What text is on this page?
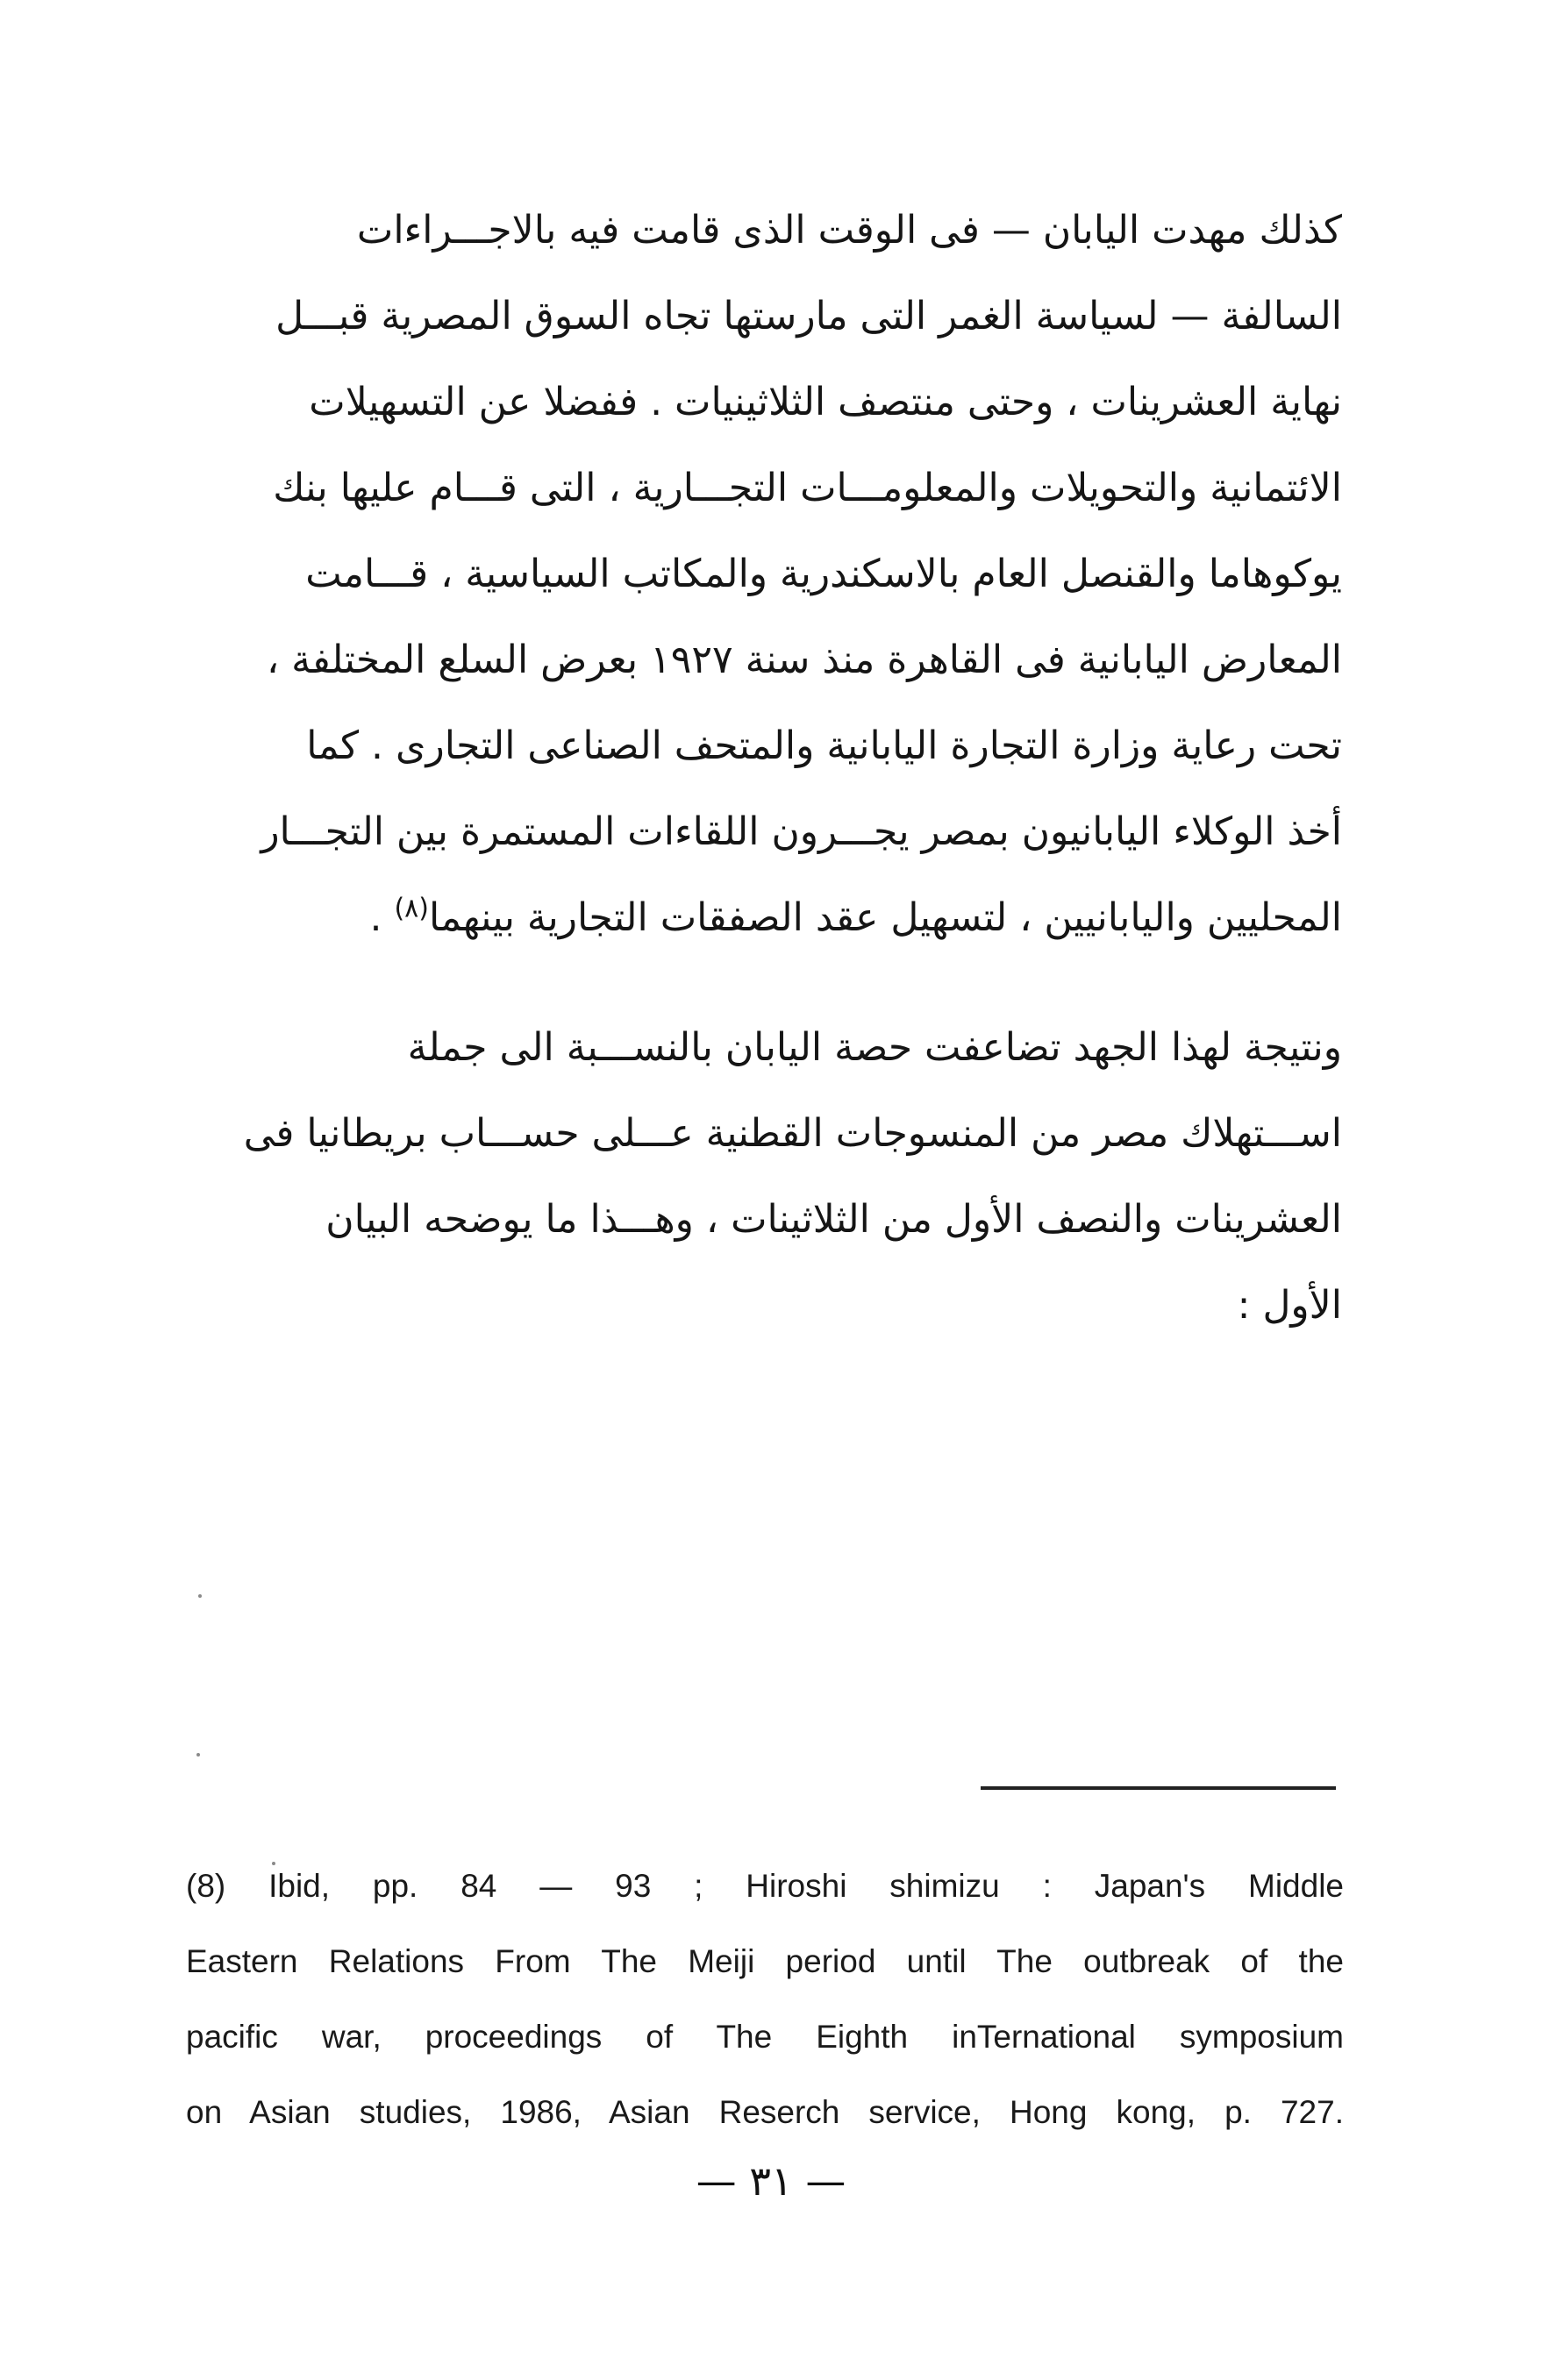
كذلك مهدت اليابان — فى الوقت الذى قامت فيه بالاجـــراءات
السالفة — لسياسة الغمر التى مارستها تجاه السوق المصرية قبـــل
نهاية العشرينات ، وحتى منتصف الثلاثينيات . ففضلا عن التسهيلات
الائتمانية والتحويلات والمعلومـــات التجـــارية ، التى قـــام عليها بنك
يوكوهاما والقنصل العام بالاسكندرية والمكاتب السياسية ، قـــامت
المعارض اليابانية فى القاهرة منذ سنة ١٩٢٧ بعرض السلع المختلفة ،
تحت رعاية وزارة التجارة اليابانية والمتحف الصناعى التجارى . كما
أخذ الوكلاء اليابانيون بمصر يجـــرون اللقاءات المستمرة بين التجـــار
المحليين واليابانيين ، لتسهيل عقد الصفقات التجارية بينهما$^{(٨)}$ .
ونتيجة لهذا الجهد تضاعفت حصة اليابان بالنســـبة الى جملة
اســـتهلاك مصر من المنسوجات القطنية عـــلى حســـاب بريطانيا فى
العشرينات والنصف الأول من الثلاثينات ، وهـــذا ما يوضحه البيان
الأول :
(8) Ibid, pp. 84 — 93 ; Hiroshi shimizu : Japan's Middle
Eastern Relations From The Meiji period until The outbreak of the
pacific war, proceedings of The Eighth inTernational symposium
on Asian studies, 1986, Asian Reserch service, Hong kong, p. 727.
— ٣١ —
